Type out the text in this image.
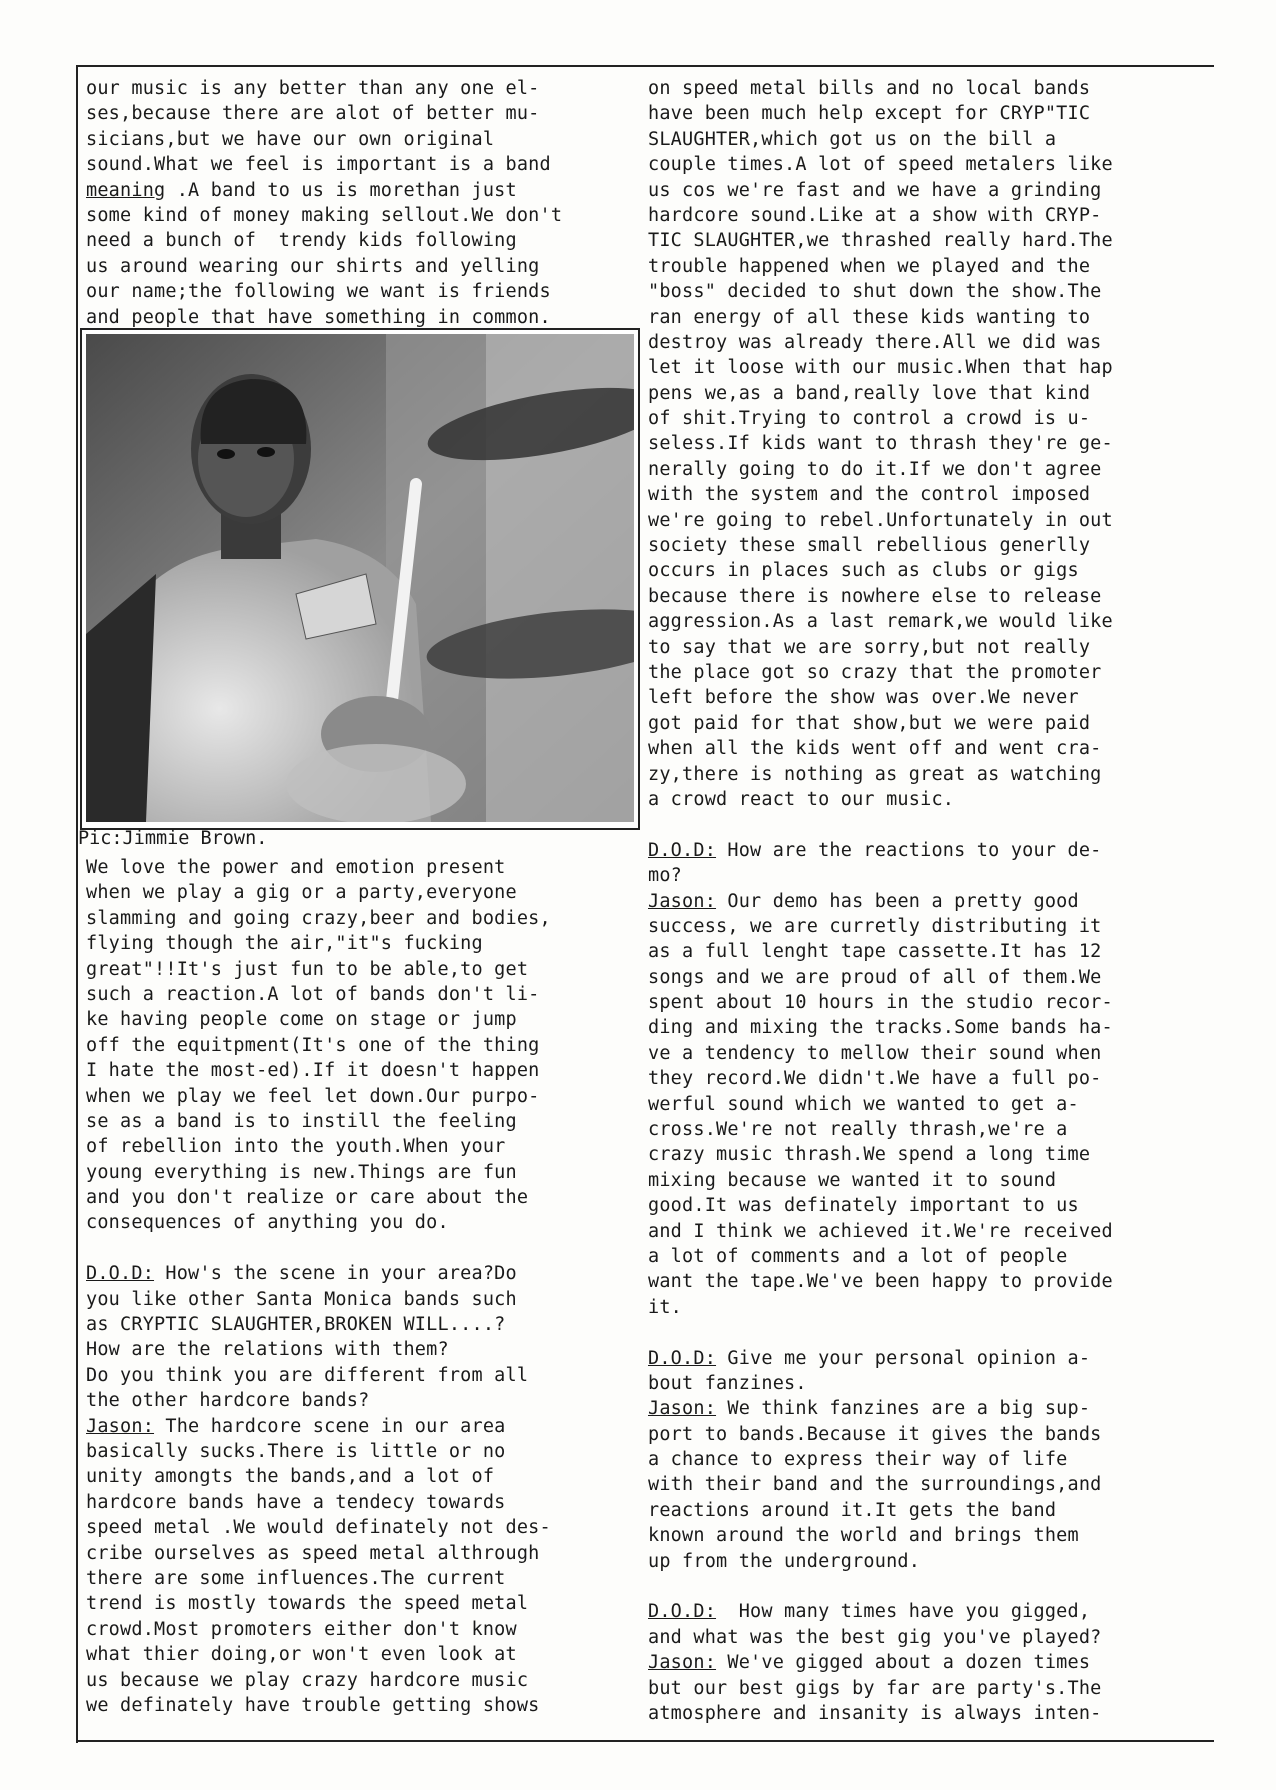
our music is any better than any one el-
ses,because there are alot of better mu-
sicians,but we have our own original
sound.What we feel is important is a band
meaning .A band to us is morethan just
some kind of money making sellout.We don't
need a bunch of  trendy kids following
us around wearing our shirts and yelling
our name;the following we want is friends
and people that have something in common.
Pic:Jimmie Brown.
We love the power and emotion present
when we play a gig or a party,everyone
slamming and going crazy,beer and bodies,
flying though the air,"it"s fucking
great"!!It's just fun to be able,to get
such a reaction.A lot of bands don't li-
ke having people come on stage or jump
off the equitpment(It's one of the thing
I hate the most-ed).If it doesn't happen
when we play we feel let down.Our purpo-
se as a band is to instill the feeling
of rebellion into the youth.When your
young everything is new.Things are fun
and you don't realize or care about the
consequences of anything you do.
D.O.D: How's the scene in your area?Do
you like other Santa Monica bands such
as CRYPTIC SLAUGHTER,BROKEN WILL....?
How are the relations with them?
Do you think you are different from all
the other hardcore bands?
Jason: The hardcore scene in our area
basically sucks.There is little or no
unity amongts the bands,and a lot of
hardcore bands have a tendecy towards
speed metal .We would definately not des-
cribe ourselves as speed metal althrough
there are some influences.The current
trend is mostly towards the speed metal
crowd.Most promoters either don't know
what thier doing,or won't even look at
us because we play crazy hardcore music
we definately have trouble getting shows
on speed metal bills and no local bands
have been much help except for CRYP"TIC
SLAUGHTER,which got us on the bill a
couple times.A lot of speed metalers like
us cos we're fast and we have a grinding
hardcore sound.Like at a show with CRYP-
TIC SLAUGHTER,we thrashed really hard.The
trouble happened when we played and the
"boss" decided to shut down the show.The
ran energy of all these kids wanting to
destroy was already there.All we did was
let it loose with our music.When that hap
pens we,as a band,really love that kind
of shit.Trying to control a crowd is u-
seless.If kids want to thrash they're ge-
nerally going to do it.If we don't agree
with the system and the control imposed
we're going to rebel.Unfortunately in out
society these small rebellious generlly
occurs in places such as clubs or gigs
because there is nowhere else to release
aggression.As a last remark,we would like
to say that we are sorry,but not really
the place got so crazy that the promoter
left before the show was over.We never
got paid for that show,but we were paid
when all the kids went off and went cra-
zy,there is nothing as great as watching
a crowd react to our music.
D.O.D: How are the reactions to your de-
mo?
Jason: Our demo has been a pretty good
success, we are curretly distributing it
as a full lenght tape cassette.It has 12
songs and we are proud of all of them.We
spent about 10 hours in the studio recor-
ding and mixing the tracks.Some bands ha-
ve a tendency to mellow their sound when
they record.We didn't.We have a full po-
werful sound which we wanted to get a-
cross.We're not really thrash,we're a
crazy music thrash.We spend a long time
mixing because we wanted it to sound
good.It was definately important to us
and I think we achieved it.We're received
a lot of comments and a lot of people
want the tape.We've been happy to provide
it.
D.O.D: Give me your personal opinion a-
bout fanzines.
Jason: We think fanzines are a big sup-
port to bands.Because it gives the bands
a chance to express their way of life
with their band and the surroundings,and
reactions around it.It gets the band
known around the world and brings them
up from the underground.
D.O.D:  How many times have you gigged,
and what was the best gig you've played?
Jason: We've gigged about a dozen times
but our best gigs by far are party's.The
atmosphere and insanity is always inten-
